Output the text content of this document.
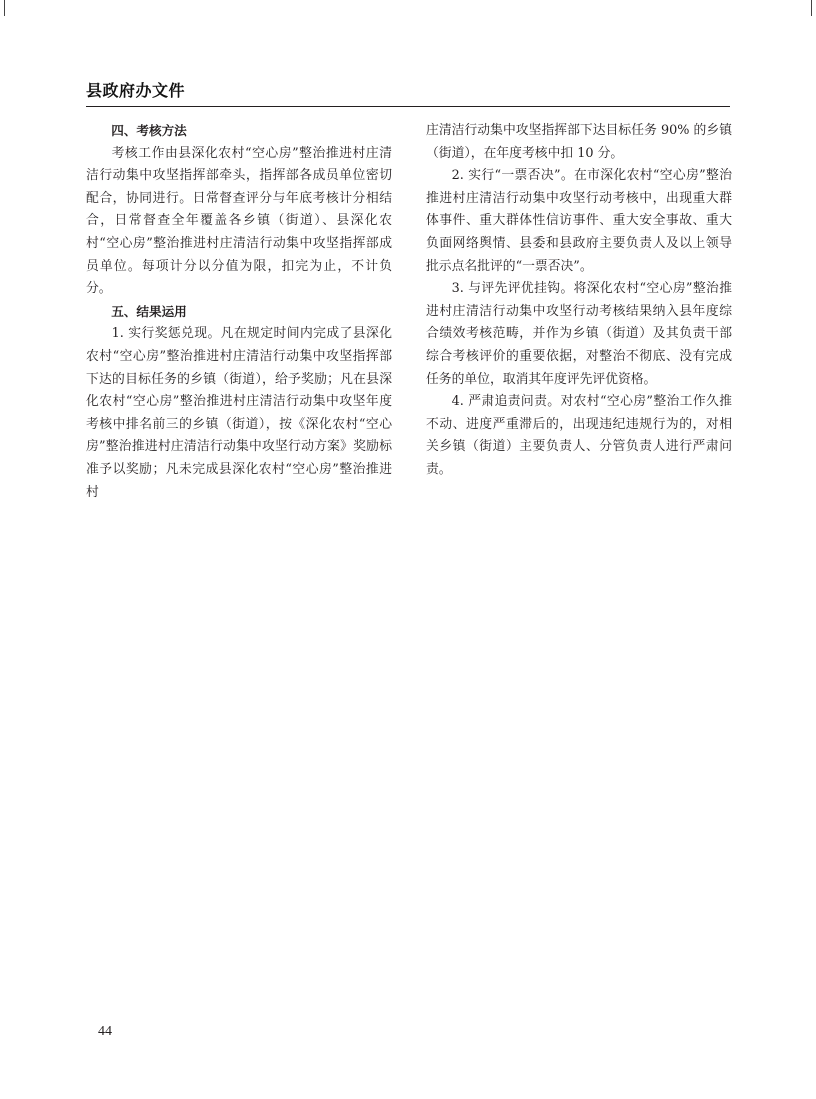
县政府办文件

四、考核方法

考核工作由县深化农村“空心房”整治推进村庄清洁行动集中攻坚指挥部牵头，指挥部各成员单位密切配合，协同进行。日常督查评分与年底考核计分相结合，日常督查全年覆盖各乡镇（街道）、县深化农村“空心房”整治推进村庄清洁行动集中攻坚指挥部成员单位。每项计分以分值为限，扣完为止，不计负分。

五、结果运用

1. 实行奖惩兑现。凡在规定时间内完成了县深化农村“空心房”整治推进村庄清洁行动集中攻坚指挥部下达的目标任务的乡镇（街道），给予奖励；凡在县深化农村“空心房”整治推进村庄清洁行动集中攻坚年度考核中排名前三的乡镇（街道），按《深化农村“空心房”整治推进村庄清洁行动集中攻坚行动方案》奖励标准予以奖励；凡未完成县深化农村“空心房”整治推进村

庄清洁行动集中攻坚指挥部下达目标任务 90% 的乡镇（街道），在年度考核中扣 10 分。

2. 实行“一票否决”。在市深化农村“空心房”整治推进村庄清洁行动集中攻坚行动考核中，出现重大群体事件、重大群体性信访事件、重大安全事故、重大负面网络舆情、县委和县政府主要负责人及以上领导批示点名批评的“一票否决”。

3. 与评先评优挂钩。将深化农村“空心房”整治推进村庄清洁行动集中攻坚行动考核结果纳入县年度综合绩效考核范畴，并作为乡镇（街道）及其负责干部综合考核评价的重要依据，对整治不彻底、没有完成任务的单位，取消其年度评先评优资格。

4. 严肃追责问责。对农村“空心房”整治工作久推不动、进度严重滞后的，出现违纪违规行为的，对相关乡镇（街道）主要负责人、分管负责人进行严肃问责。

44
